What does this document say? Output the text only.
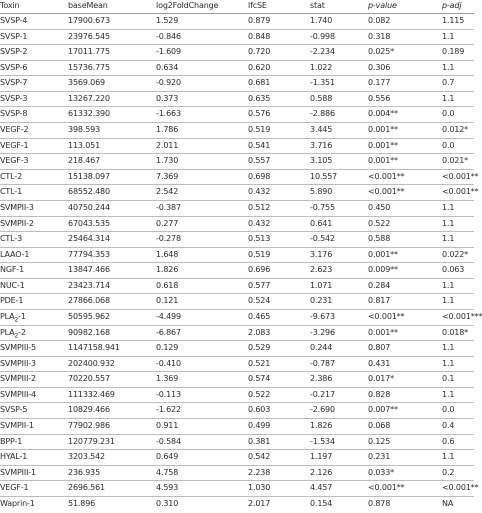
Toxin	baseMean	log2FoldChange	lfcSE	stat	p-value	p-adj
SVSP-4	17900.673	1.529	0.879	1.740	0.082	1.115
SVSP-1	23976.545	-0.846	0.848	-0.998	0.318	1.1
SVSP-2	17011.775	-1.609	0.720	-2.234	0.025*	0.189
SVSP-6	15736.775	0.634	0.620	1.022	0.306	1.1
SVSP-7	3569.069	-0.920	0.681	-1.351	0.177	0.7
SVSP-3	13267.220	0.373	0.635	0.588	0.556	1.1
SVSP-8	61332.390	-1.663	0.576	-2.886	0.004**	0.0
VEGF-2	398.593	1.786	0.519	3.445	0.001**	0.012*
VEGF-1	113.051	2.011	0.541	3.716	0.001**	0.0
VEGF-3	218.467	1.730	0.557	3.105	0.001**	0.021*
CTL-2	15138.097	7.369	0.698	10.557	<0.001**	<0.001**
CTL-1	68552.480	2.542	0.432	5.890	<0.001**	<0.001**
SVMPII-3	40750.244	-0.387	0.512	-0.755	0.450	1.1
SVMPII-2	67043.535	0.277	0.432	0.641	0.522	1.1
CTL-3	25464.314	-0.278	0.513	-0.542	0.588	1.1
LAAO-1	77794.353	1.648	0.519	3.176	0.001**	0.022*
NGF-1	13847.466	1.826	0.696	2.623	0.009**	0.063
NUC-1	23423.714	0.618	0.577	1.071	0.284	1.1
PDE-1	27866.068	0.121	0.524	0.231	0.817	1.1
$PLA_2-1$	50595.962	-4.499	0.465	-9.673	<0.001**	<0.001***
$PLA_2-2$	90982.168	-6.867	2.083	-3.296	0.001**	0.018*
SVMPIII-5	1147158.941	0.129	0.529	0.244	0.807	1.1
SVMPIII-3	202400.932	-0.410	0.521	-0.787	0.431	1.1
SVMPIII-2	70220.557	1.369	0.574	2.386	0.017*	0.1
SVMPIII-4	111332.469	-0.113	0.522	-0.217	0.828	1.1
SVSP-5	10829.466	-1.622	0.603	-2.690	0.007**	0.0
SVMPII-1	77902.986	0.911	0.499	1.826	0.068	0.4
BPP-1	120779.231	-0.584	0.381	-1.534	0.125	0.6
HYAL-1	3203.542	0.649	0.542	1.197	0.231	1.1
SVMPIII-1	236.935	4.758	2.238	2.126	0.033*	0.2
VEGF-1	2696.561	4.593	1.030	4.457	<0.001**	<0.001**
Waprin-1	51.896	0.310	2.017	0.154	0.878	NA
